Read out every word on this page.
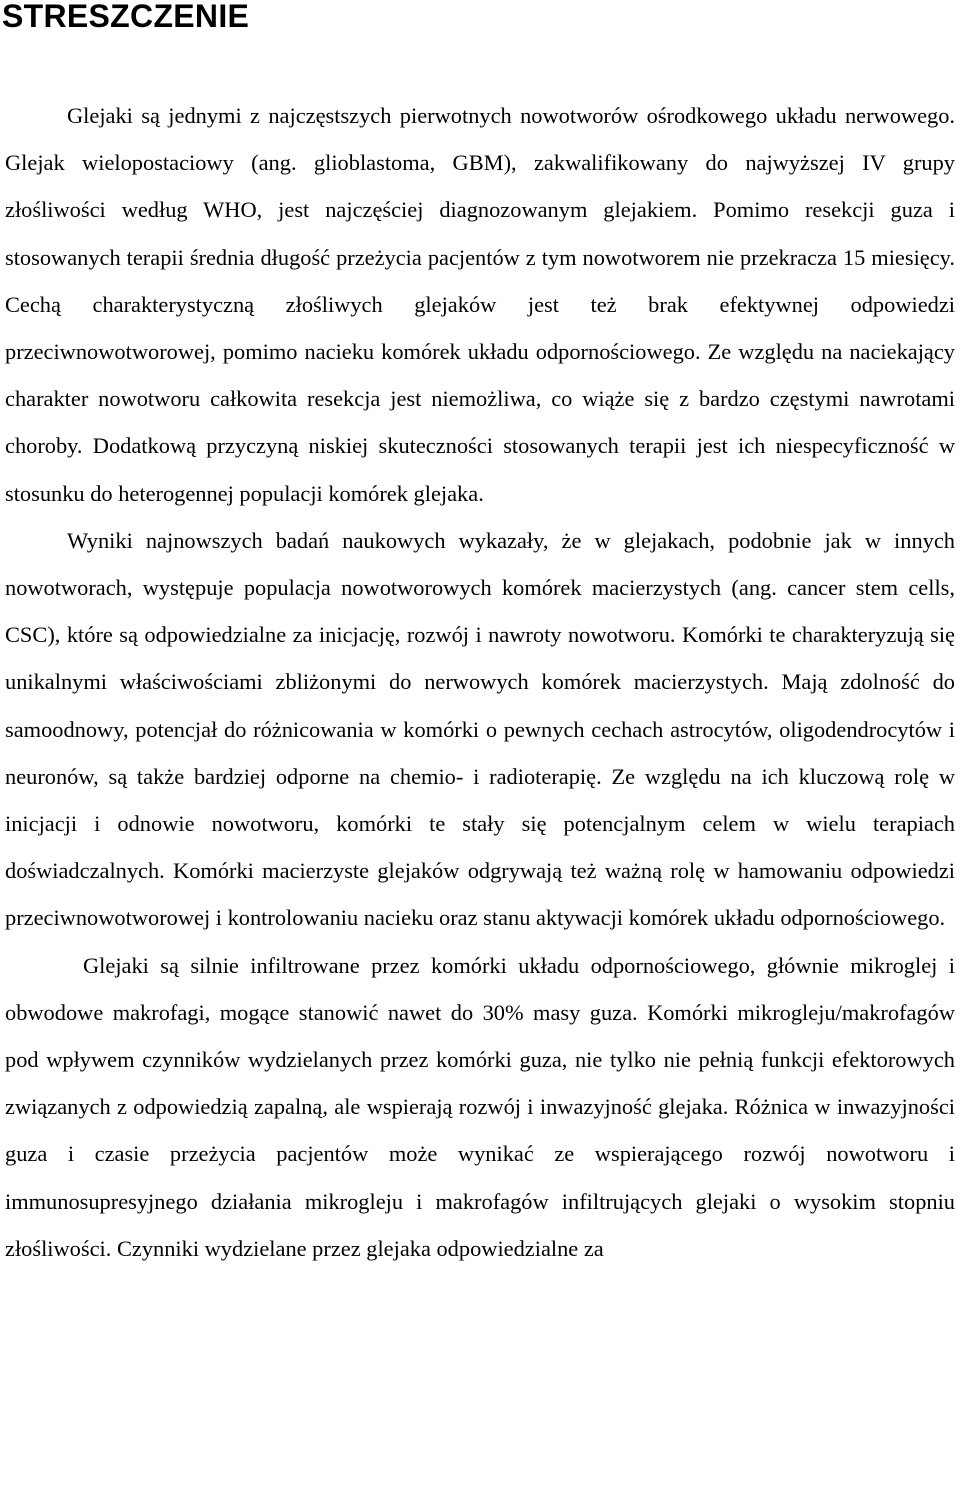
STRESZCZENIE

Glejaki są jednymi z najczęstszych pierwotnych nowotworów ośrodkowego układu nerwowego. Glejak wielopostaciowy (ang. glioblastoma, GBM), zakwalifikowany do najwyższej IV grupy złośliwości według WHO, jest najczęściej diagnozowanym glejakiem. Pomimo resekcji guza i stosowanych terapii średnia długość przeżycia pacjentów z tym nowotworem nie przekracza 15 miesięcy. Cechą charakterystyczną złośliwych glejaków jest też brak efektywnej odpowiedzi przeciwnowotworowej, pomimo nacieku komórek układu odpornościowego. Ze względu na naciekający charakter nowotworu całkowita resekcja jest niemożliwa, co wiąże się z bardzo częstymi nawrotami choroby. Dodatkową przyczyną niskiej skuteczności stosowanych terapii jest ich niespecyficzność w stosunku do heterogennej populacji komórek glejaka.

Wyniki najnowszych badań naukowych wykazały, że w glejakach, podobnie jak w innych nowotworach, występuje populacja nowotworowych komórek macierzystych (ang. cancer stem cells, CSC), które są odpowiedzialne za inicjację, rozwój i nawroty nowotworu. Komórki te charakteryzują się unikalnymi właściwościami zbliżonymi do nerwowych komórek macierzystych. Mają zdolność do samoodnowy, potencjał do różnicowania w komórki o pewnych cechach astrocytów, oligodendrocytów i neuronów, są także bardziej odporne na chemio- i radioterapię. Ze względu na ich kluczową rolę w inicjacji i odnowie nowotworu, komórki te stały się potencjalnym celem w wielu terapiach doświadczalnych. Komórki macierzyste glejaków odgrywają też ważną rolę w hamowaniu odpowiedzi przeciwnowotworowej i kontrolowaniu nacieku oraz stanu aktywacji komórek układu odpornościowego.

Glejaki są silnie infiltrowane przez komórki układu odpornościowego, głównie mikroglej i obwodowe makrofagi, mogące stanowić nawet do 30% masy guza. Komórki mikrogleju/makrofagów pod wpływem czynników wydzielanych przez komórki guza, nie tylko nie pełnią funkcji efektorowych związanych z odpowiedzią zapalną, ale wspierają rozwój i inwazyjność glejaka. Różnica w inwazyjności guza i czasie przeżycia pacjentów może wynikać ze wspierającego rozwój nowotworu i immunosupresyjnego działania mikrogleju i makrofagów infiltrujących glejaki o wysokim stopniu złośliwości. Czynniki wydzielane przez glejaka odpowiedzialne za
